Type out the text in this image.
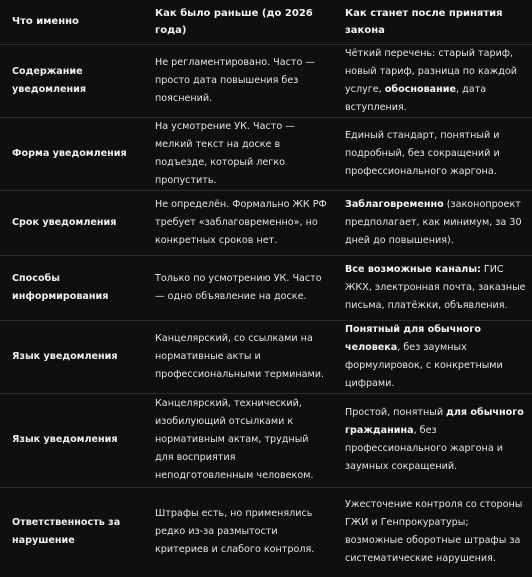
Что именно	Как было раньше (до 2026 года)	Как станет после принятия закона
Содержание уведомления	Не регламентировано. Часто — просто дата повышения без пояснений.	Чёткий перечень: старый тариф, новый тариф, разница по каждой услуге, обоснование, дата вступления.
Форма уведомления	На усмотрение УК. Часто — мелкий текст на доске в подъезде, который легко пропустить.	Единый стандарт, понятный и подробный, без сокращений и профессионального жаргона.
Срок уведомления	Не определён. Формально ЖК РФ требует «заблаговременно», но конкретных сроков нет.	Заблаговременно (законопроект предполагает, как минимум, за 30 дней до повышения).
Способы информирования	Только по усмотрению УК. Часто — одно объявление на доске.	Все возможные каналы: ГИС ЖКХ, электронная почта, заказные письма, платёжки, объявления.
Язык уведомления	Канцелярский, со ссылками на нормативные акты и профессиональными терминами.	Понятный для обычного человека, без заумных формулировок, с конкретными цифрами.
Язык уведомления	Канцелярский, технический, изобилующий отсылками к нормативным актам, трудный для восприятия неподготовленным человеком.	Простой, понятный для обычного гражданина, без профессионального жаргона и заумных сокращений.
Ответственность за нарушение	Штрафы есть, но применялись редко из-за размытости критериев и слабого контроля.	Ужесточение контроля со стороны ГЖИ и Генпрокуратуры; возможные оборотные штрафы за систематические нарушения.
